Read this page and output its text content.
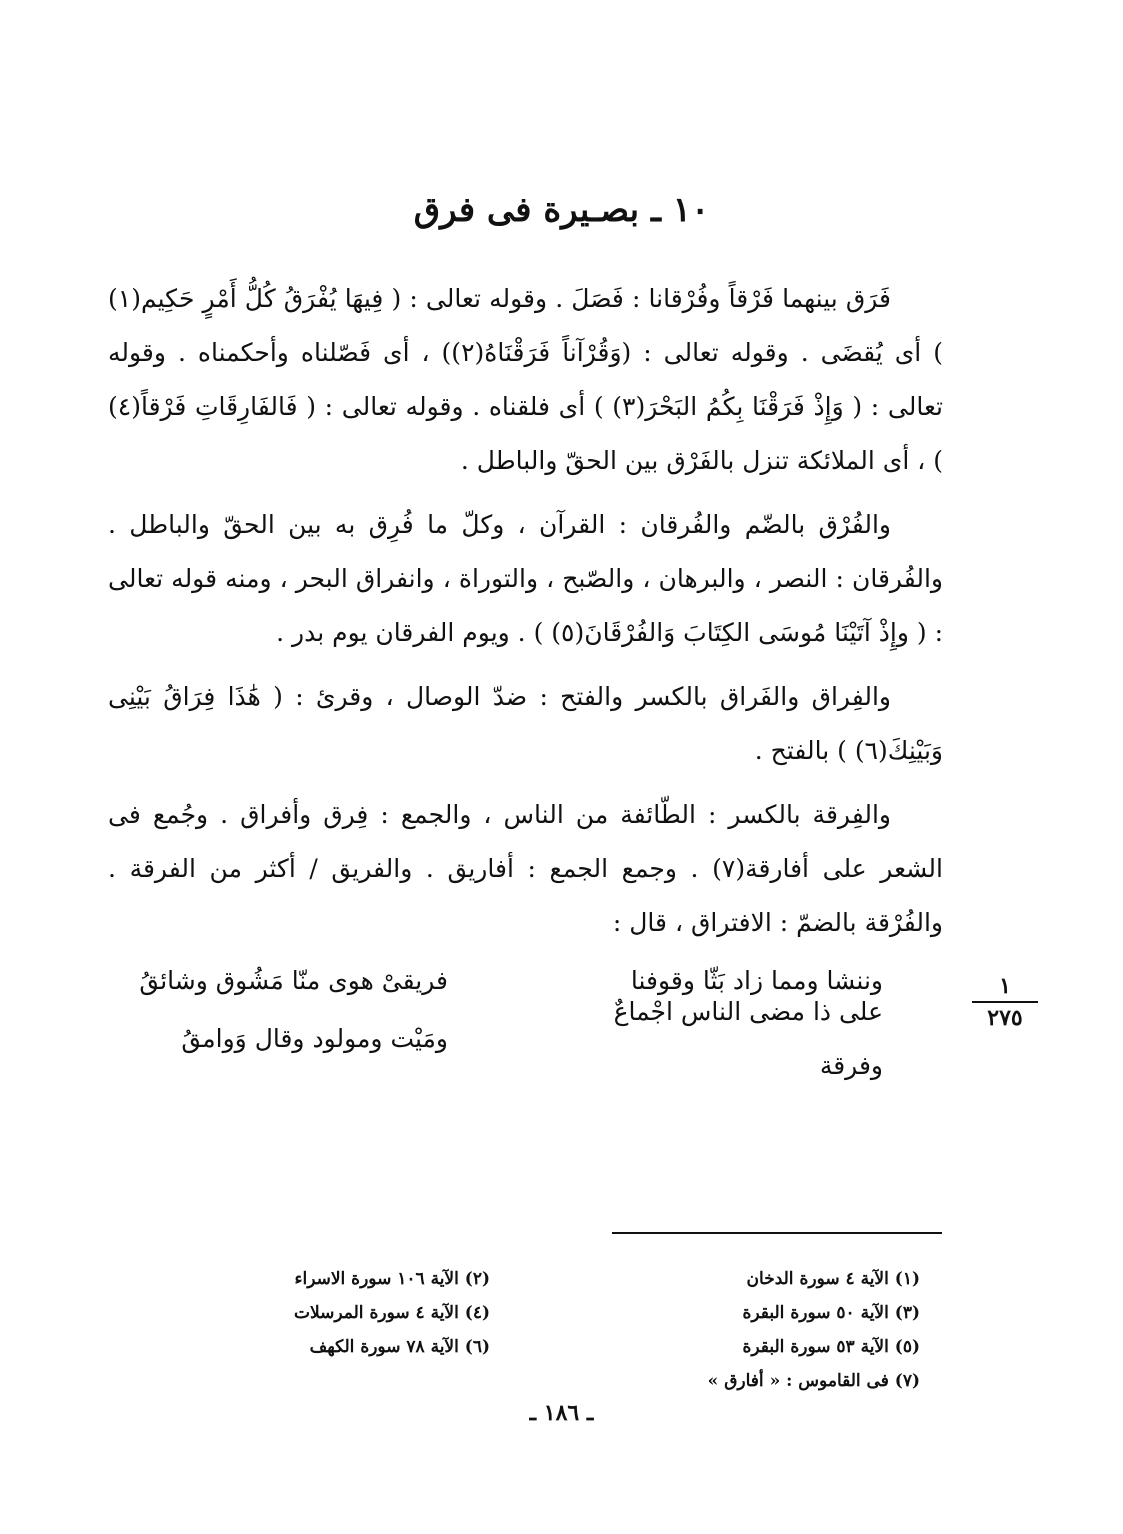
١٠ ـ بصـيرة فى فرق

فَرَق بينهما فَرْقاً وفُرْقانا : فَصَلَ . وقوله تعالى : ( فِيهَا يُفْرَقُ كُلُّ أَمْرٍ حَكِيم(١) ) أى يُقضَى . وقوله تعالى : (وَقُرْآناً فَرَقْنَاهُ(٢)) ، أى فَصّلناه وأحكمناه . وقوله تعالى : ( وَإِذْ فَرَقْنَا بِكُمُ البَحْرَ(٣) ) أى فلقناه . وقوله تعالى : ( فَالفَارِقَاتِ فَرْقاً(٤) ) ، أى الملائكة تنزل بالفَرْق بين الحقّ والباطل .

والفُرْق بالضّم والفُرقان : القرآن ، وكلّ ما فُرِق به بين الحقّ والباطل . والفُرقان : النصر ، والبرهان ، والصّبح ، والتوراة ، وانفراق البحر ، ومنه قوله تعالى : ( وإِذْ آتَيْنَا مُوسَى الكِتَابَ وَالفُرْقَانَ(٥) ) . ويوم الفرقان يوم بدر .

والفِراق والفَراق بالكسر والفتح : ضدّ الوصال ، وقرئ : ( هَٰذَا فِرَاقُ بَيْنِى وَبَيْنِكَ(٦) ) بالفتح .

والفِرقة بالكسر : الطّائفة من الناس ، والجمع : فِرق وأفراق . وجُمع فى الشعر على أفارقة(٧) . وجمع الجمع : أفاريق . والفريق / أكثر من الفرقة . والفُرْقة بالضمّ : الافتراق ، قال :

وننشا ومما زاد بَثّا وقوفنا
فريقىْ هوى منّا مَشُوق وشائقُ
على ذا مضى الناس اجْماعٌ وفرقة
ومَيْت ومولود وقال وَوامقُ
١
٢٧٥
(١) الآية ٤ سورة الدخان
(٣) الآية ٥٠ سورة البقرة
(٥) الآية ٥٣ سورة البقرة
(٧) فى القاموس : « أفارق »
(٢) الآية ١٠٦ سورة الاسراء
(٤) الآية ٤ سورة المرسلات
(٦) الآية ٧٨ سورة الكهف
ـ ١٨٦ ـ
